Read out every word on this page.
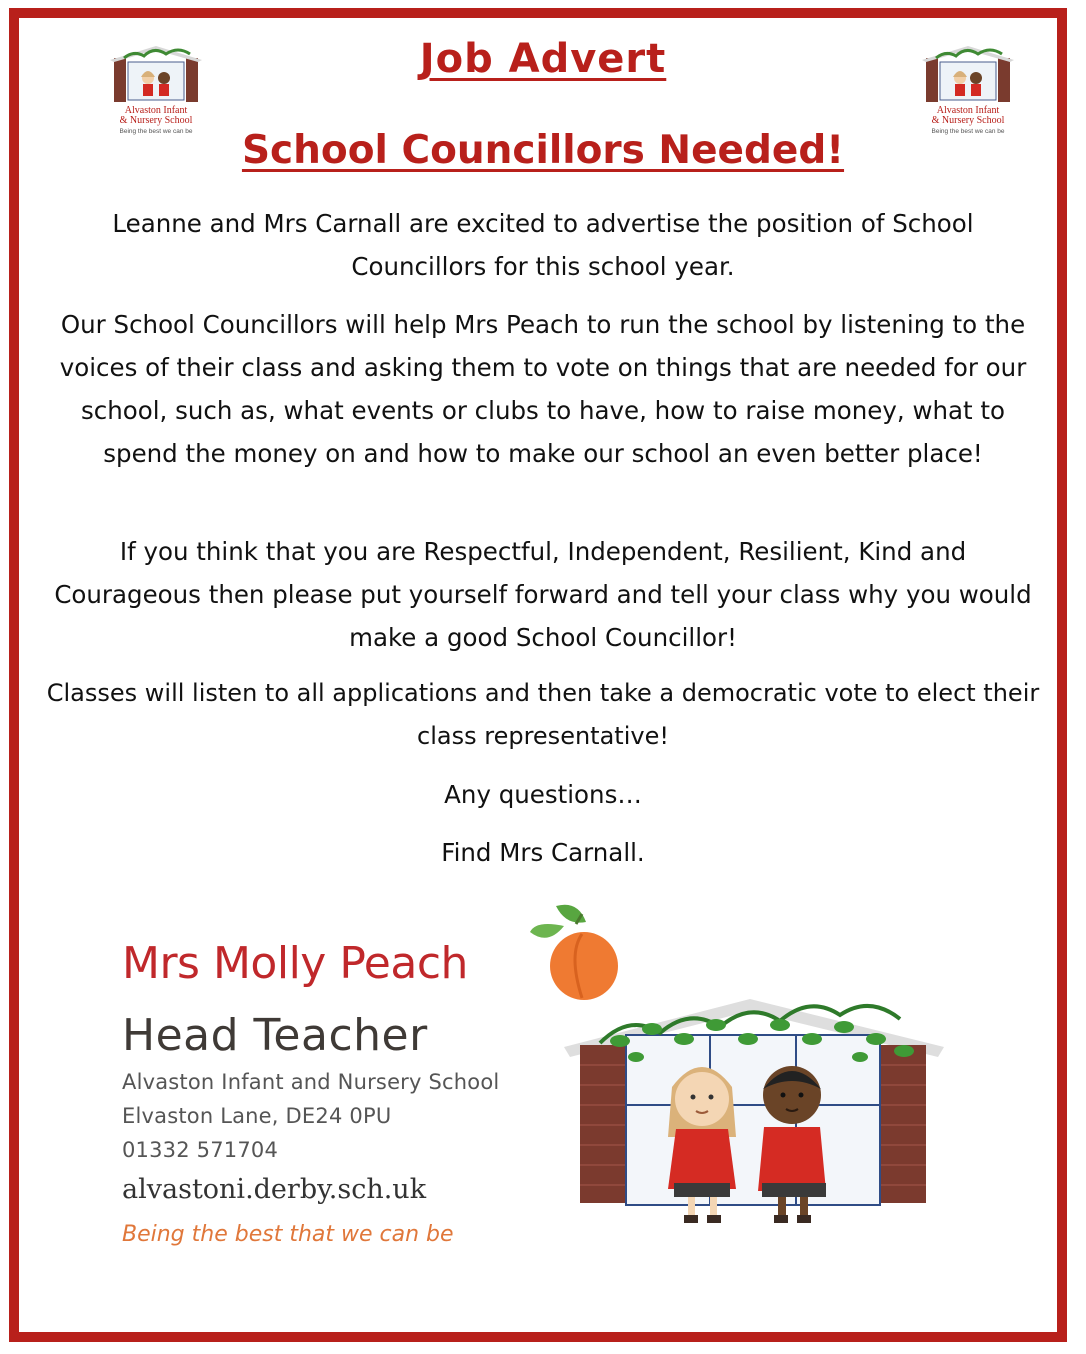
Alvaston Infant
& Nursery School
Being the best we can be
Alvaston Infant
& Nursery School
Being the best we can be
Job Advert
School Councillors Needed!
Leanne and Mrs Carnall are excited to advertise the position of School Councillors for this school year.
Our School Councillors will help Mrs Peach to run the school by listening to the voices of their class and asking them to vote on things that are needed for our school, such as, what events or clubs to have, how to raise money, what to spend the money on and how to make our school an even better place!
If you think that you are Respectful, Independent, Resilient, Kind and Courageous then please put yourself forward and tell your class why you would make a good School Councillor!
Classes will listen to all applications and then take a democratic vote to elect their class representative!
Any questions…
Find Mrs Carnall.
Mrs Molly Peach
Head Teacher
Alvaston Infant and Nursery School
Elvaston Lane, DE24 0PU
01332 571704
alvastoni.derby.sch.uk
Being the best that we can be
